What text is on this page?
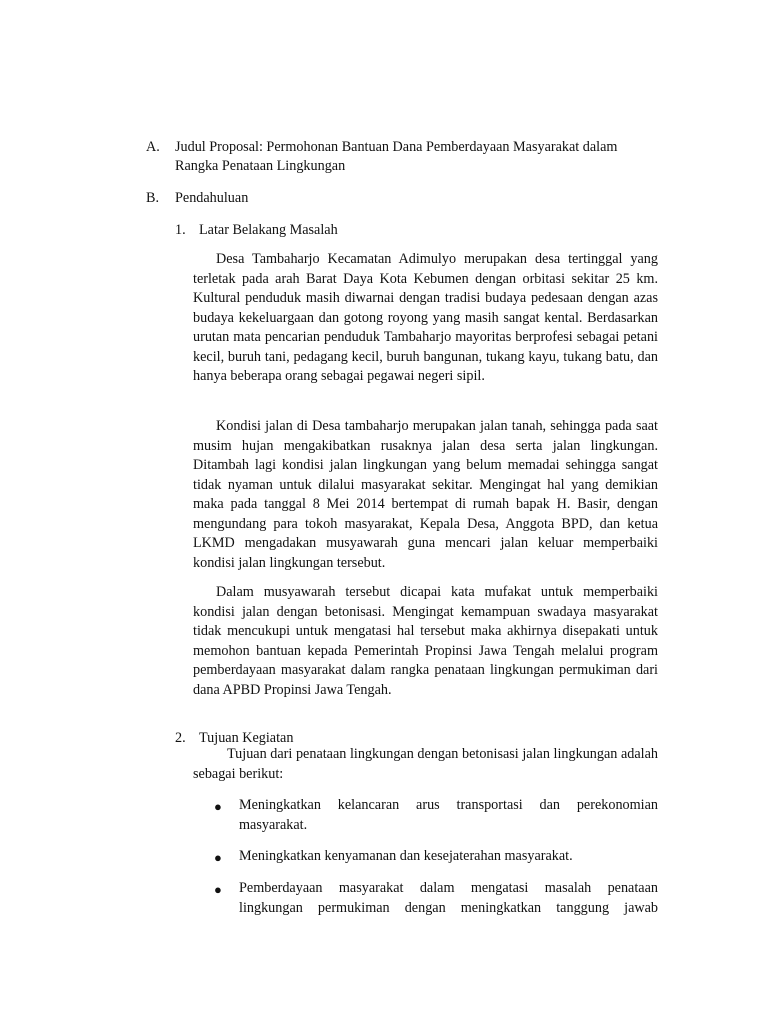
A. Judul Proposal: Permohonan Bantuan Dana Pemberdayaan Masyarakat dalam
Rangka Penataan Lingkungan
B. Pendahuluan
1. Latar Belakang Masalah
Desa Tambaharjo Kecamatan Adimulyo merupakan desa tertinggal yang terletak pada arah Barat Daya Kota Kebumen dengan orbitasi sekitar 25 km. Kultural penduduk masih diwarnai dengan tradisi budaya pedesaan dengan azas budaya kekeluargaan dan gotong royong yang masih sangat kental. Berdasarkan urutan mata pencarian penduduk Tambaharjo mayoritas berprofesi sebagai petani kecil, buruh tani, pedagang kecil, buruh bangunan, tukang kayu, tukang batu, dan hanya beberapa orang sebagai pegawai negeri sipil.
Kondisi jalan di Desa tambaharjo merupakan jalan tanah, sehingga pada saat musim hujan mengakibatkan rusaknya jalan desa serta jalan lingkungan. Ditambah lagi kondisi jalan lingkungan yang belum memadai sehingga sangat tidak nyaman untuk dilalui masyarakat sekitar. Mengingat hal yang demikian maka pada tanggal 8 Mei 2014 bertempat di rumah bapak H. Basir, dengan mengundang para tokoh masyarakat, Kepala Desa, Anggota BPD, dan ketua LKMD mengadakan musyawarah guna mencari jalan keluar memperbaiki kondisi jalan lingkungan tersebut.
Dalam musyawarah tersebut dicapai kata mufakat untuk memperbaiki kondisi jalan dengan betonisasi. Mengingat kemampuan swadaya masyarakat tidak mencukupi untuk mengatasi hal tersebut maka akhirnya disepakati untuk memohon bantuan kepada Pemerintah Propinsi Jawa Tengah melalui program pemberdayaan masyarakat dalam rangka penataan lingkungan permukiman dari dana APBD Propinsi Jawa Tengah.
2. Tujuan Kegiatan
Tujuan dari penataan lingkungan dengan betonisasi jalan lingkungan adalah sebagai berikut:
● Meningkatkan kelancaran arus transportasi dan perekonomian masyarakat.
● Meningkatkan kenyamanan dan kesejaterahan masyarakat.
● Pemberdayaan masyarakat dalam mengatasi masalah penataan lingkungan permukiman dengan meningkatkan tanggung jawab
